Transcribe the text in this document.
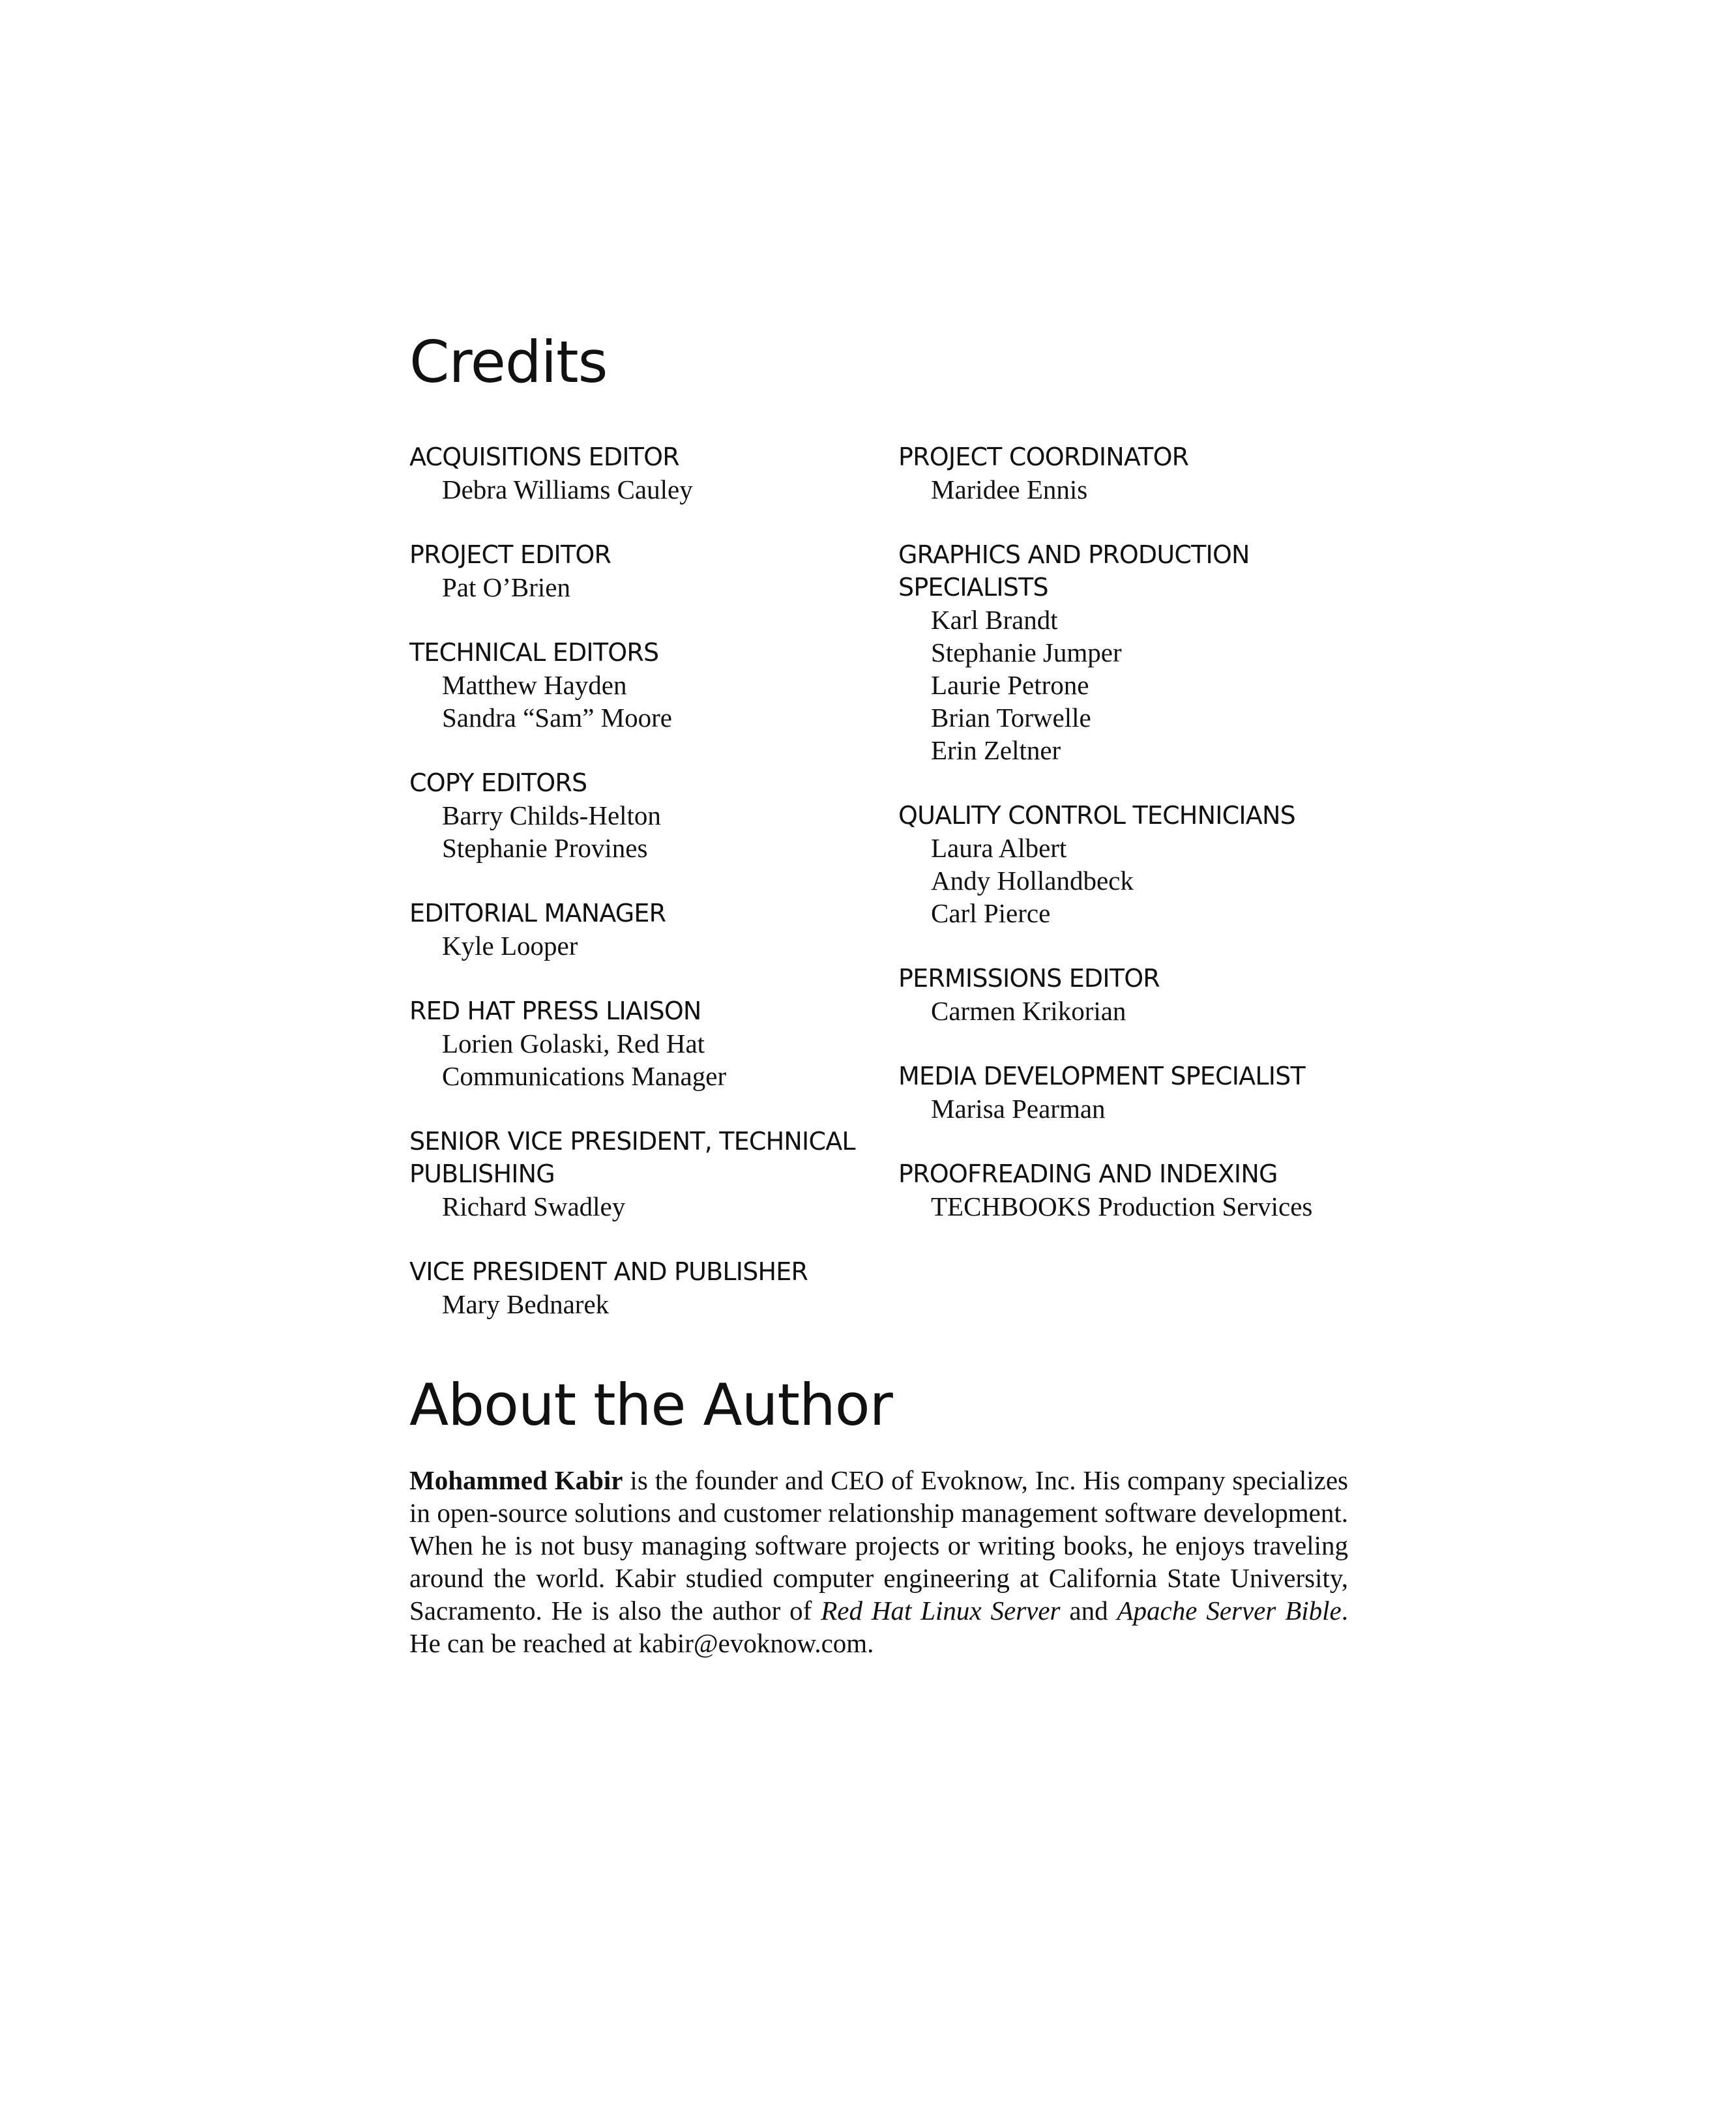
Credits
ACQUISITIONS EDITOR
Debra Williams Cauley
PROJECT EDITOR
Pat O’Brien
TECHNICAL EDITORS
Matthew Hayden
Sandra “Sam” Moore
COPY EDITORS
Barry Childs-Helton
Stephanie Provines
EDITORIAL MANAGER
Kyle Looper
RED HAT PRESS LIAISON
Lorien Golaski, Red Hat
Communications Manager
SENIOR VICE PRESIDENT, TECHNICAL
PUBLISHING
Richard Swadley
VICE PRESIDENT AND PUBLISHER
Mary Bednarek
PROJECT COORDINATOR
Maridee Ennis
GRAPHICS AND PRODUCTION
SPECIALISTS
Karl Brandt
Stephanie Jumper
Laurie Petrone
Brian Torwelle
Erin Zeltner
QUALITY CONTROL TECHNICIANS
Laura Albert
Andy Hollandbeck
Carl Pierce
PERMISSIONS EDITOR
Carmen Krikorian
MEDIA DEVELOPMENT SPECIALIST
Marisa Pearman
PROOFREADING AND INDEXING
TECHBOOKS Production Services
About the Author

Mohammed Kabir is the founder and CEO of Evoknow, Inc. His company specializes in open-source solutions and customer relationship management software development. When he is not busy managing software projects or writing books, he enjoys traveling around the world. Kabir studied computer engineering at California State University, Sacramento. He is also the author of Red Hat Linux Server and Apache Server Bible. He can be reached at kabir@evoknow.com.
